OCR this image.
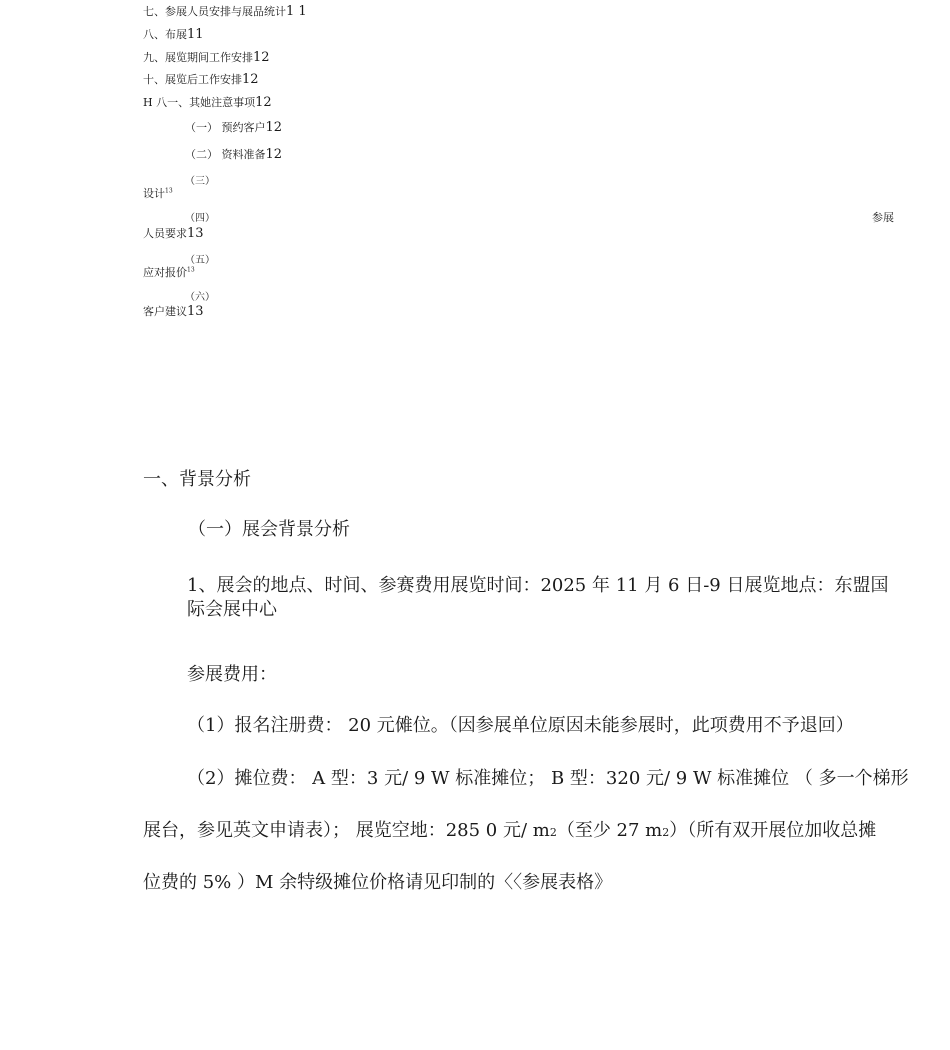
七、参展人员安排与展品统计1 1
八、布展11
九、展览期间工作安排12
十、展览后工作安排12
H 八一、其她注意事项12
（一） 预约客户12
（二） 资料准备12
（三）
设计$^{13}$
（四）	参展
人员要求13
（五）
应对报价$^{13}$
（六）
客户建议13
一、背景分析
（一）展会背景分析
1、展会的地点、时间、参赛费用展览时间：2025 年 11 月 6 日-9 日展览地点：东盟国
际会展中心
参展费用：
（1）报名注册费： 20 元傩位。（因参展单位原因未能参展时，此项费用不予退回）
（2）摊位费： A 型：3 元/ 9 W 标准摊位； B 型：320 元/ 9 W 标准摊位 （ 多一个梯形
展台，参见英文申请表）； 展览空地：285 0 元/ m2（至少 27 m2）（所有双开展位加收总摊
位费的 5% ）M 余特级摊位价格请见印制的〈〈参展表格》
